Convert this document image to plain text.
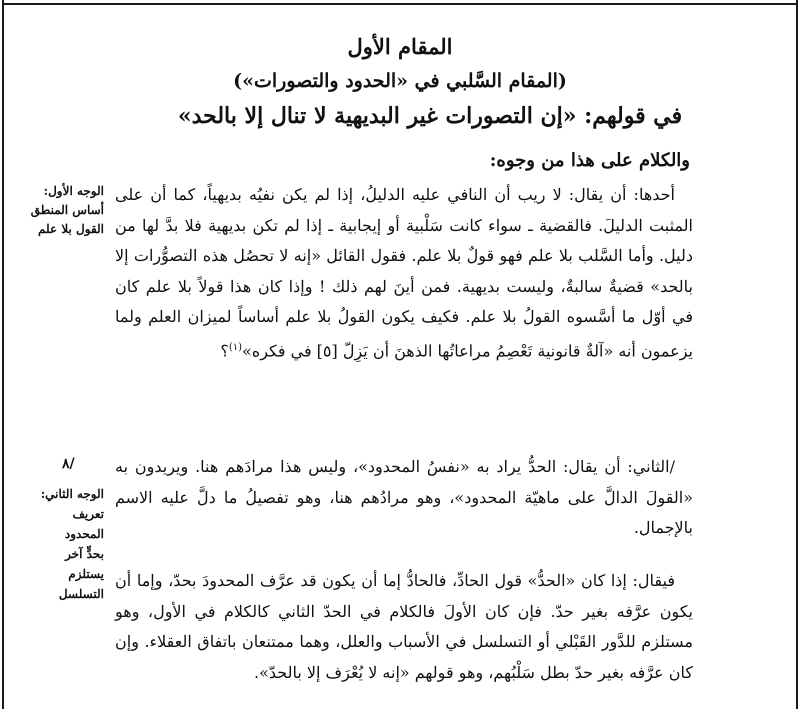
المقام الأول
(المقام السَّلبي في «الحدود والتصورات»)
في قولهم: «إن التصورات غير البديهية لا تنال إلا بالحد»
والكلام على هذا من وجوه:

أحدها: أن يقال: لا ريب أن النافي عليه الدليلُ، إذا لم يكن نفيُه بديهياً، كما أن على المثبت الدليلَ. فالقضية ـ سواء كانت سَلْبية أو إيجابية ـ إذا لم تكن بديهية فلا بدَّ لها من دليل. وأما السَّلب بلا علم فهو قولٌ بلا علم. فقول القائل «إنه لا تحصُل هذه التصوُّرات إلا بالحد» قضيةٌ سالبةٌ، وليست بديهية. فمن أينَ لهم ذلك ! وإذا كان هذا قولاً بلا علم كان في أوّل ما أسَّسوه القولُ بلا علم. فكيف يكون القولُ بلا علم أساساً لميزان العلم ولما يزعمون أنه «آلةٌ قانونية تَعْصِمُ مراعاتُها الذهنَ أن يَزِلّ [٥] في فكره»$^{(١)}$؟

/الثاني: أن يقال: الحدُّ يراد به «نفسُ المحدود»، وليس هذا مرادَهم هنا. ويريدون به «القولَ الدالَّ على ماهيّة المحدود»، وهو مرادُهم هنا، وهو تفصيلُ ما دلَّ عليه الاسم بالإجمال.

فيقال: إذا كان «الحدُّ» قول الحادِّ، فالحادُّ إما أن يكون قد عرَّف المحدودَ بحدّ، وإما أن يكون عرَّفه بغير حدّ. فإن كان الأولَ فالكلام في الحدّ الثاني كالكلام في الأول، وهو مستلزم للدَّور القَبْلي أو التسلسل في الأسباب والعلل، وهما ممتنعان باتفاق العقلاء. وإن كان عرَّفه بغير حدّ بطل سَلْبُهم، وهو قولهم «إنه لا يُعْرَف إلا بالحدّ».

الوجه الأول:
أساس المنطق
القول بلا علم
٨/
الوجه الثاني:
تعريف
المحدود
بحدٍّ آخر
يستلزم
التسلسل
